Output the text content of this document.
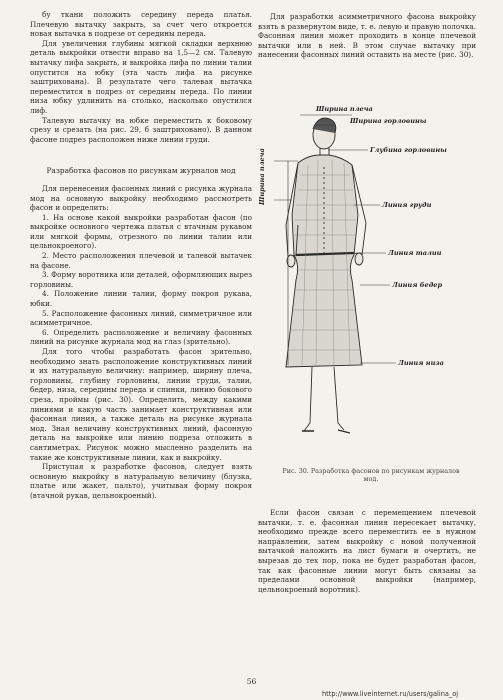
бу ткани положить середину переда платья. Плечевую вытачку закрыть, за счет чего откроется новая вытачка в подрезе от середины переда.

Для увеличения глубины мягкой складки верхнюю деталь выкройки отвести вправо на 1,5—2 см. Талевую вытачку лифа закрыть, и выкройка лифа по линии талии опустится на юбку (эта часть лифа на рисунке заштрихована). В результате чего талевая вытачка переместится в подрез от середины переда. По линии низа юбку удлинить на столько, насколько опустился лиф.

Талевую вытачку на юбке переместить к боковому срезу и срезать (на рис. 29, б заштриховано). В данном фасоне подрез расположен ниже линии груди.

Разработка фасонов по рисункам журналов мод

Для перенесения фасонных линий с рисунка журнала мод на основную выкройку необходимо рассмотреть фасон и определить:

1. На основе какой выкройки разработан фасон (по выкройке основного чертежа платья с втачным рукавом или мягкой формы, отрезного по линии талии или цельнокроеного).

2. Место расположения плечевой и талевой вытачек на фасоне.

3. Форму воротника или деталей, оформляющих вырез горловины.

4. Положение линии талии, форму покроя рукава, юбки.

5. Расположение фасонных линий, симметричное или асимметричное.

6. Определить расположение и величину фасонных линий на рисунке журнала мод на глаз (зрительно).

Для того чтобы разработать фасон зрительно, необходимо знать расположение конструктивных линий и их натуральную величину: например, ширину плеча, горловины, глубину горловины, линии груди, талии, бедер, низа, середины переда и спинки, линию бокового среза, проймы (рис. 30). Определить, между какими линиями и какую часть занимает конструктивная или фасонная линия, а также деталь на рисунке журнала мод. Зная величину конструктивных линий, фасонную деталь на выкройке или линию подреза отложить в сантиметрах. Рисунок можно мысленно разделить на такие же конструктивные линии, как и выкройку.

Приступая к разработке фасонов, следует взять основную выкройку в натуральную величину (блузка, платье или жакет, пальто), учитывая форму покроя (втачной рукав, цельнокроеный).

Для разработки асимметричного фасона выкройку взять в развернутом виде, т. е. левую и правую полочка. Фасонная линия может проходить в конце плечевой вытачки или в ней. В этом случае вытачку при нанесении фасонных линий оставить на месте (рис. 30).

Ширина плеча
Ширина плеча
Ширина горловины
Глубина горловины
Линия груди
Линия талии
Линия бедер
Линия низа
Рис. 30. Разработка фасонов по рисункам журналов мод.

Если фасон связан с перемещением плечевой вытачки, т. е. фасонная линия пересекает вытачку, необходимо прежде всего переместить ее в нужном направлении, затем выкройку с новой полученной вытачкой наложить на лист бумаги и очертить, не вырезав до тех пор, пока не будет разработан фасон, так как фасонные линии могут быть связаны за пределами основной выкройки (например, цельнокроеный воротник).

56
http://www.liveinternet.ru/users/galina_oj
